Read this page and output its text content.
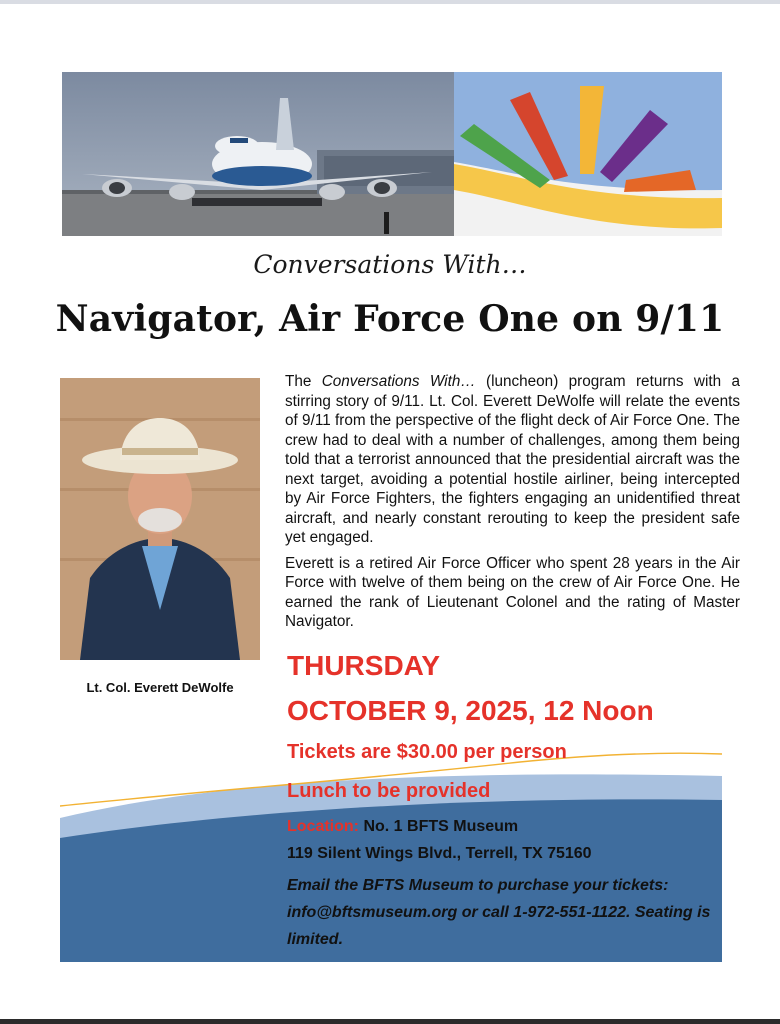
Conversations With…
Navigator, Air Force One on 9/11
Lt. Col. Everett DeWolfe

The Conversations With… (luncheon) program returns with a stirring story of 9/11. Lt. Col. Everett DeWolfe will relate the events of 9/11 from the perspective of the flight deck of Air Force One. The crew had to deal with a number of challenges, among them being told that a terrorist announced that the presidential aircraft was the next target, avoiding a potential hostile airliner, being intercepted by Air Force Fighters, the fighters engaging an unidentified threat aircraft, and nearly constant rerouting to keep the president safe yet engaged.

Everett is a retired Air Force Officer who spent 28 years in the Air Force with twelve of them being on the crew of Air Force One. He earned the rank of Lieutenant Colonel and the rating of Master Navigator.

THURSDAY
OCTOBER 9, 2025, 12 Noon
Tickets are $30.00 per person
Lunch to be provided
Location: No. 1 BFTS Museum
119 Silent Wings Blvd., Terrell, TX 75160
Email the BFTS Museum to purchase your tickets: info@bftsmuseum.org or call 1-972-551-1122. Seating is limited.
